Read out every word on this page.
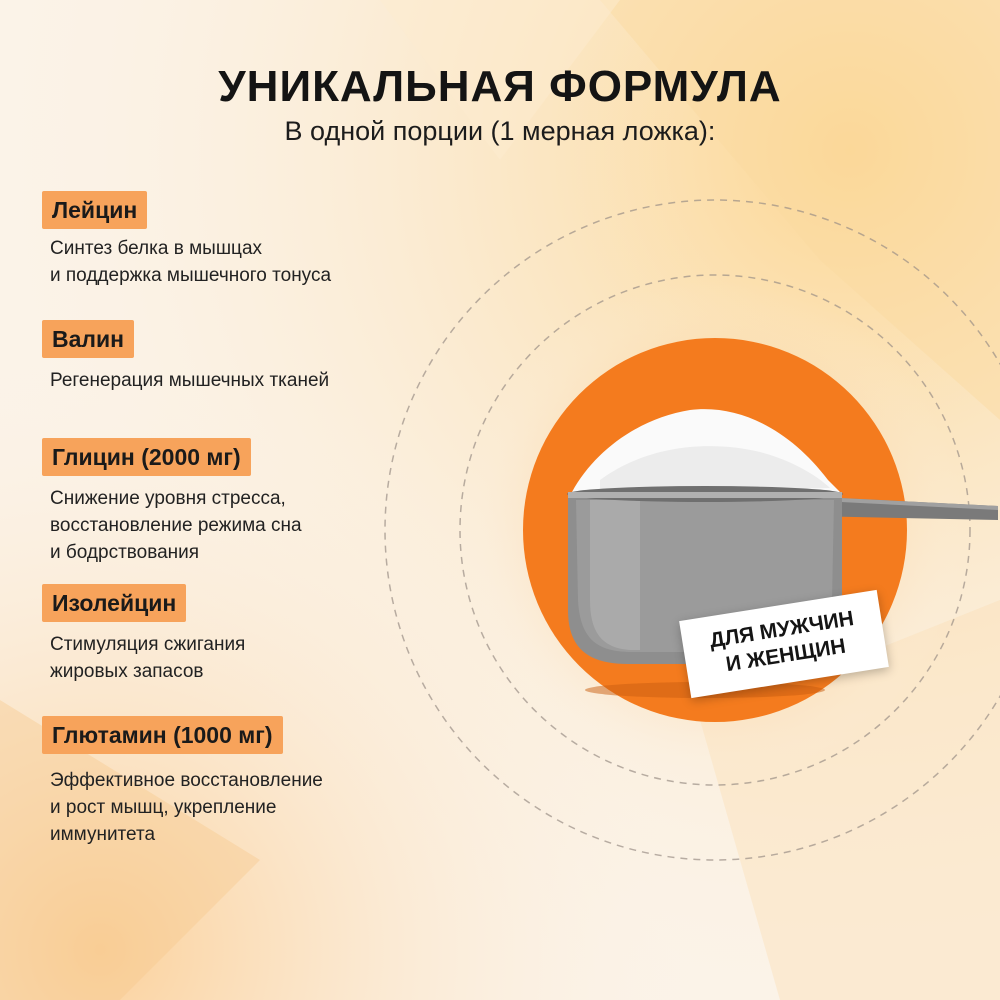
УНИКАЛЬНАЯ ФОРМУЛА
В одной порции (1 мерная ложка):
Лейцин
Синтез белка в мышцах
и поддержка мышечного тонуса
Валин
Регенерация мышечных тканей
Глицин (2000 мг)
Снижение уровня стресса,
восстановление режима сна
и бодрствования
Изолейцин
Стимуляция сжигания
жировых запасов
Глютамин (1000 мг)
Эффективное восстановление
и рост мышц, укрепление
иммунитета
ДЛЯ МУЖЧИН
И ЖЕНЩИН
